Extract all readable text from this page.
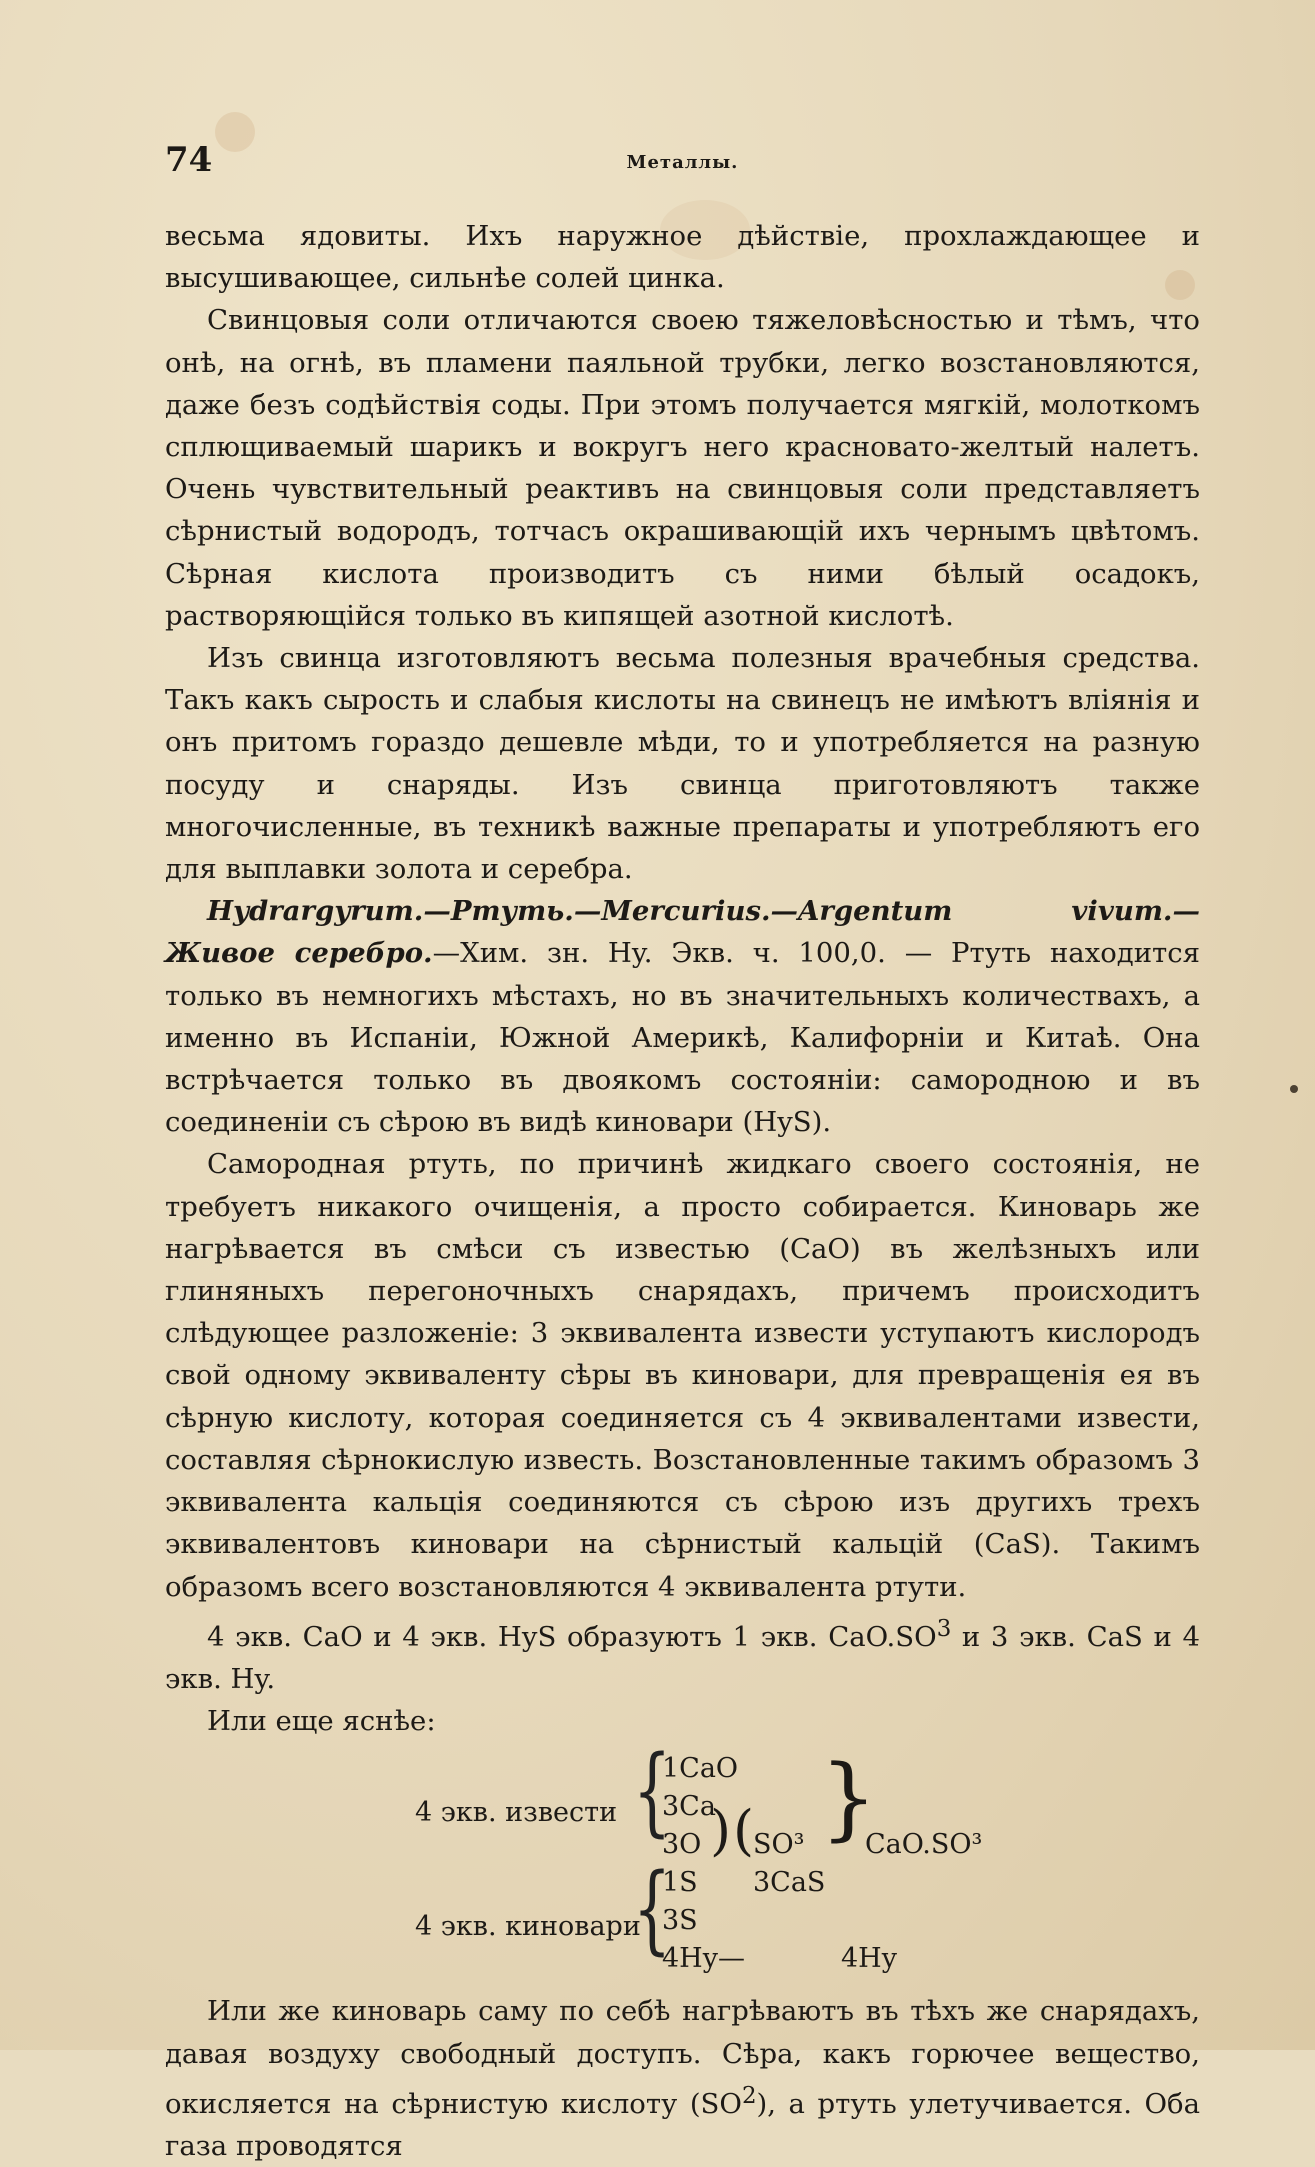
74	Металлы.

весьма ядовиты. Ихъ наружное дѣйствіе, прохлаждающее и высушивающее, сильнѣе солей цинка.

Свинцовыя соли отличаются своею тяжеловѣсностью и тѣмъ, что онѣ, на огнѣ, въ пламени паяльной трубки, легко возстановляются, даже безъ содѣйствія соды. При этомъ получается мягкій, молоткомъ сплющиваемый шарикъ и вокругъ него красновато-желтый налетъ. Очень чувствительный реактивъ на свинцовыя соли представляетъ сѣрнистый водородъ, тотчасъ окрашивающій ихъ чернымъ цвѣтомъ. Сѣрная кислота производитъ съ ними бѣлый осадокъ, растворяющійся только въ кипящей азотной кислотѣ.

Изъ свинца изготовляютъ весьма полезныя врачебныя средства. Такъ какъ сырость и слабыя кислоты на свинецъ не имѣютъ вліянія и онъ притомъ гораздо дешевле мѣди, то и употребляется на разную посуду и снаряды. Изъ свинца приготовляютъ также многочисленные, въ техникѣ важные препараты и употребляютъ его для выплавки золота и серебра.

Hydrargyrum.—Ртуть.—Mercurius.—Argentum vivum.—Живое серебро.—Хим. зн. Hy. Экв. ч. 100,0. — Ртуть находится только въ немногихъ мѣстахъ, но въ значительныхъ количествахъ, а именно въ Испаніи, Южной Америкѣ, Калифорніи и Китаѣ. Она встрѣчается только въ двоякомъ состояніи: самородною и въ соединеніи съ сѣрою въ видѣ киновари (HyS).

Самородная ртуть, по причинѣ жидкаго своего состоянія, не требуетъ никакого очищенія, а просто собирается. Киноварь же нагрѣвается въ смѣси съ известью (CaO) въ желѣзныхъ или глиняныхъ перегоночныхъ снарядахъ, причемъ происходитъ слѣдующее разложеніе: 3 эквивалента извести уступаютъ кислородъ свой одному эквиваленту сѣры въ киновари, для превращенія ея въ сѣрную кислоту, которая соединяется съ 4 эквивалентами извести, составляя сѣрнокислую известь. Возстановленные такимъ образомъ 3 эквивалента кальція соединяются съ сѣрою изъ другихъ трехъ эквивалентовъ киновари на сѣрнистый кальцій (CaS). Такимъ образомъ всего возстановляются 4 эквивалента ртути.

4 экв. CaO и 4 экв. HyS образуютъ 1 экв. $CaO.SO^3$ и 3 экв. CaS и 4 экв. Hy.

Или еще яснѣе:

4 экв. извести
4 экв. киновари
{
{
1CaO
3Ca
3O
1S
3S
4Hy—
) (
SO³
3CaS
}
CaO.SO³
4Hy

Или же киноварь саму по себѣ нагрѣваютъ въ тѣхъ же снарядахъ, давая воздуху свободный доступъ. Сѣра, какъ горючее вещество, окисляется на сѣрнистую кислоту $(SO^2)$, а ртуть улетучивается. Оба газа проводятся
